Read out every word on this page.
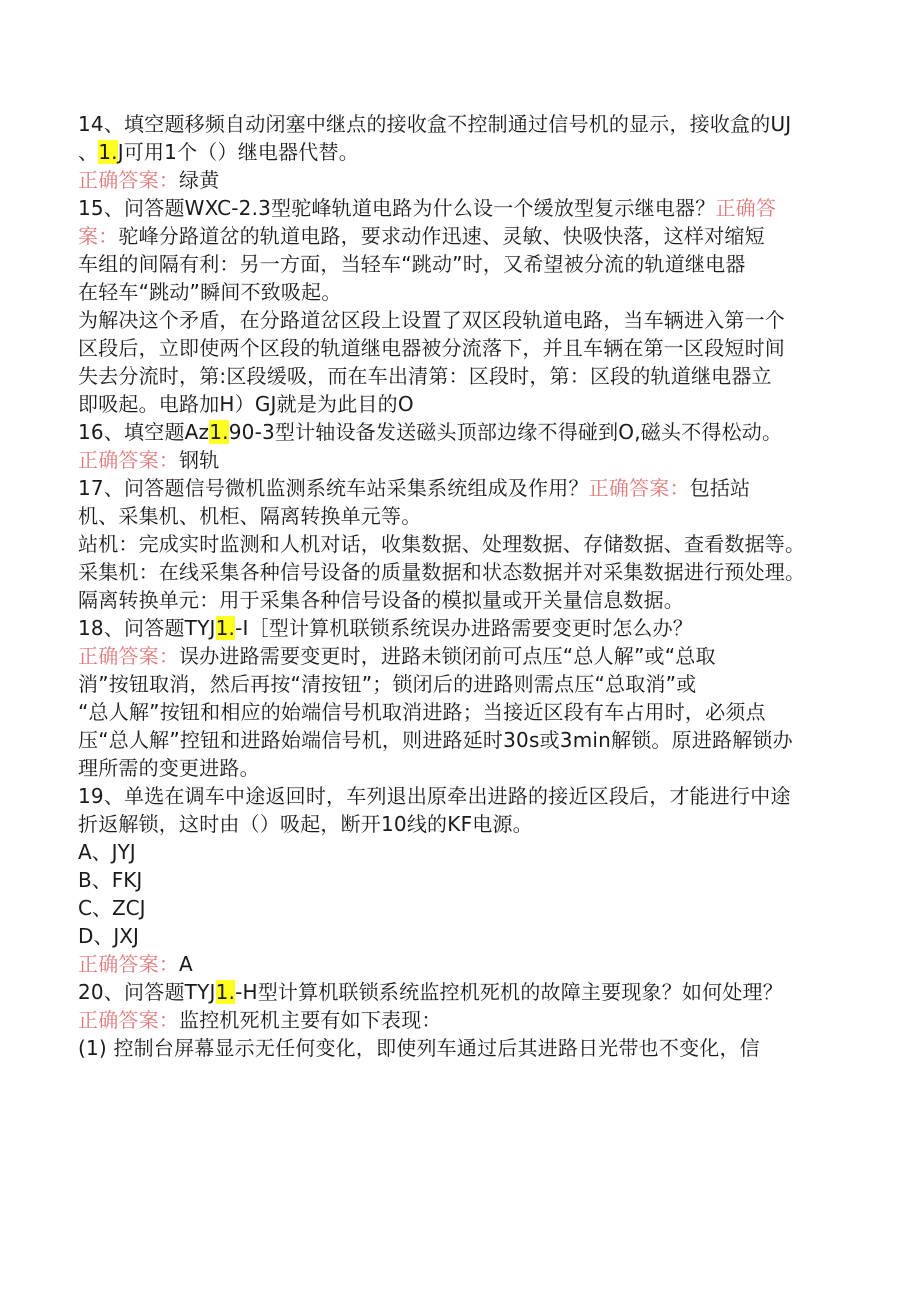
14、填空题移频自动闭塞中继点的接收盒不控制通过信号机的显示，接收盒的UJ
、1.J可用1个（）继电器代替。
正确答案：绿黄
15、问答题WXC-2.3型驼峰轨道电路为什么设一个缓放型复示继电器？正确答
案：驼峰分路道岔的轨道电路，要求动作迅速、灵敏、快吸快落，这样对缩短
车组的间隔有利：另一方面，当轻车“跳动”时，又希望被分流的轨道继电器
在轻车“跳动”瞬间不致吸起。
为解决这个矛盾，在分路道岔区段上设置了双区段轨道电路，当车辆进入第一个
区段后，立即使两个区段的轨道继电器被分流落下，并且车辆在第一区段短时间
失去分流时，第:区段缓吸，而在车出清第：区段时，第：区段的轨道继电器立
即吸起。电路加H）GJ就是为此目的O
16、填空题Az1.90-3型计轴设备发送磁头顶部边缘不得碰到O,磁头不得松动。
正确答案：钢轨
17、问答题信号微机监测系统车站采集系统组成及作用？正确答案：包括站
机、采集机、机柜、隔离转换单元等。
站机：完成实时监测和人机对话，收集数据、处理数据、存储数据、查看数据等。
采集机：在线采集各种信号设备的质量数据和状态数据并对采集数据进行预处理。
隔离转换单元：用于采集各种信号设备的模拟量或开关量信息数据。
18、问答题TYJ1.-I［型计算机联锁系统误办进路需要变更时怎么办？
正确答案：误办进路需要变更时，进路未锁闭前可点压“总人解”或“总取
消”按钮取消，然后再按“清按钮”；锁闭后的进路则需点压“总取消”或
“总人解”按钮和相应的始端信号机取消进路；当接近区段有车占用时，必须点
压“总人解”控钮和进路始端信号机，则进路延时30s或3min解锁。原进路解锁办
理所需的变更进路。
19、单选在调车中途返回时，车列退出原牵出进路的接近区段后，才能进行中途
折返解锁，这时由（）吸起，断开10线的KF电源。
A、JYJ
B、FKJ
C、ZCJ
D、JXJ
正确答案：A
20、问答题TYJ1.-H型计算机联锁系统监控机死机的故障主要现象？如何处理？
正确答案：监控机死机主要有如下表现：
(1) 控制台屏幕显示无任何变化，即使列车通过后其进路日光带也不变化，信
